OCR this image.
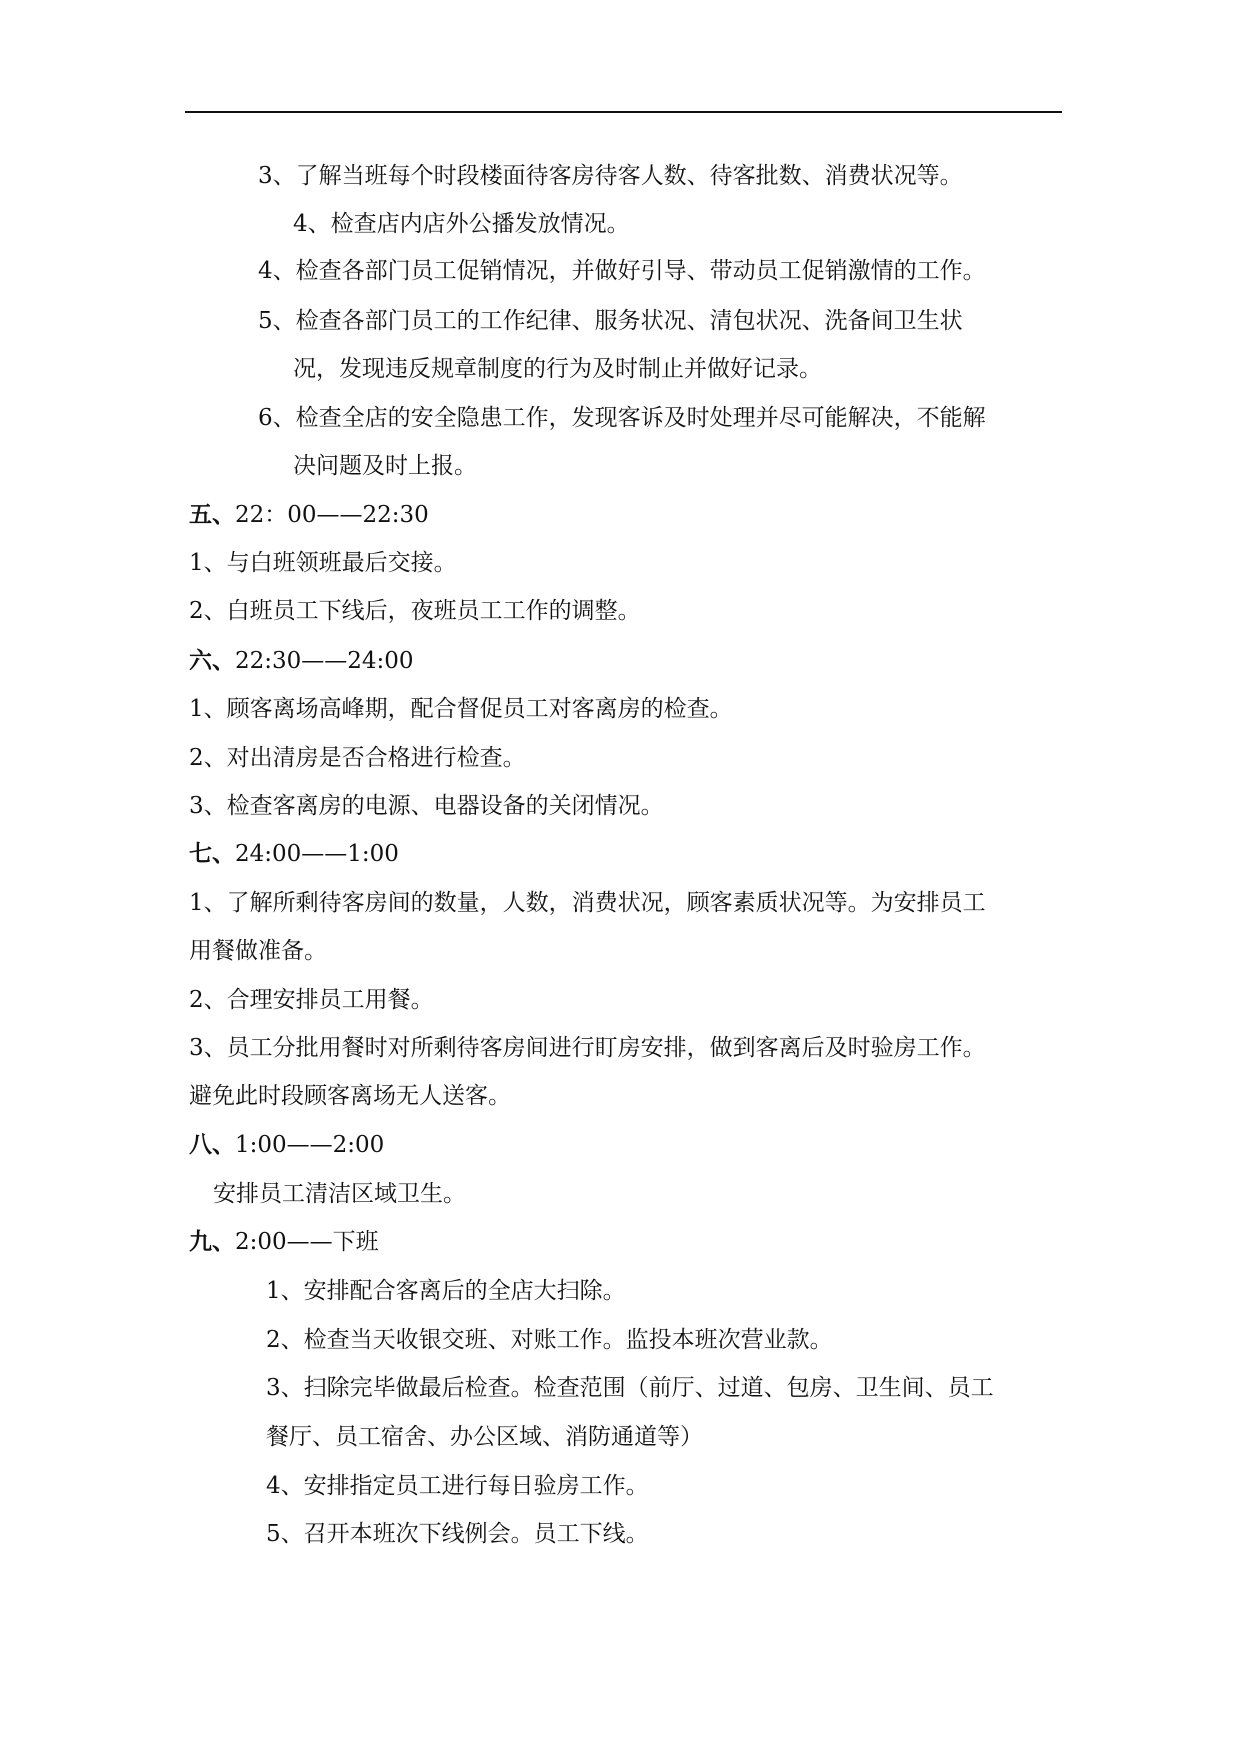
3、了解当班每个时段楼面待客房待客人数、待客批数、消费状况等。

4、检查店内店外公播发放情况。

4、检查各部门员工促销情况，并做好引导、带动员工促销激情的工作。

5、检查各部门员工的工作纪律、服务状况、清包状况、洗备间卫生状

况，发现违反规章制度的行为及时制止并做好记录。

6、检查全店的安全隐患工作，发现客诉及时处理并尽可能解决，不能解

决问题及时上报。

五、22：00——22:30

1、与白班领班最后交接。

2、白班员工下线后，夜班员工工作的调整。

六、22:30——24:00

1、顾客离场高峰期，配合督促员工对客离房的检查。

2、对出清房是否合格进行检查。

3、检查客离房的电源、电器设备的关闭情况。

七、24:00——1:00

1、了解所剩待客房间的数量，人数，消费状况，顾客素质状况等。为安排员工

用餐做准备。

2、合理安排员工用餐。

3、员工分批用餐时对所剩待客房间进行盯房安排，做到客离后及时验房工作。

避免此时段顾客离场无人送客。

八、1:00——2:00

安排员工清洁区域卫生。

九、2:00——下班

1、安排配合客离后的全店大扫除。

2、检查当天收银交班、对账工作。监投本班次营业款。

3、扫除完毕做最后检查。检查范围（前厅、过道、包房、卫生间、员工

餐厅、员工宿舍、办公区域、消防通道等）

4、安排指定员工进行每日验房工作。

5、召开本班次下线例会。员工下线。
